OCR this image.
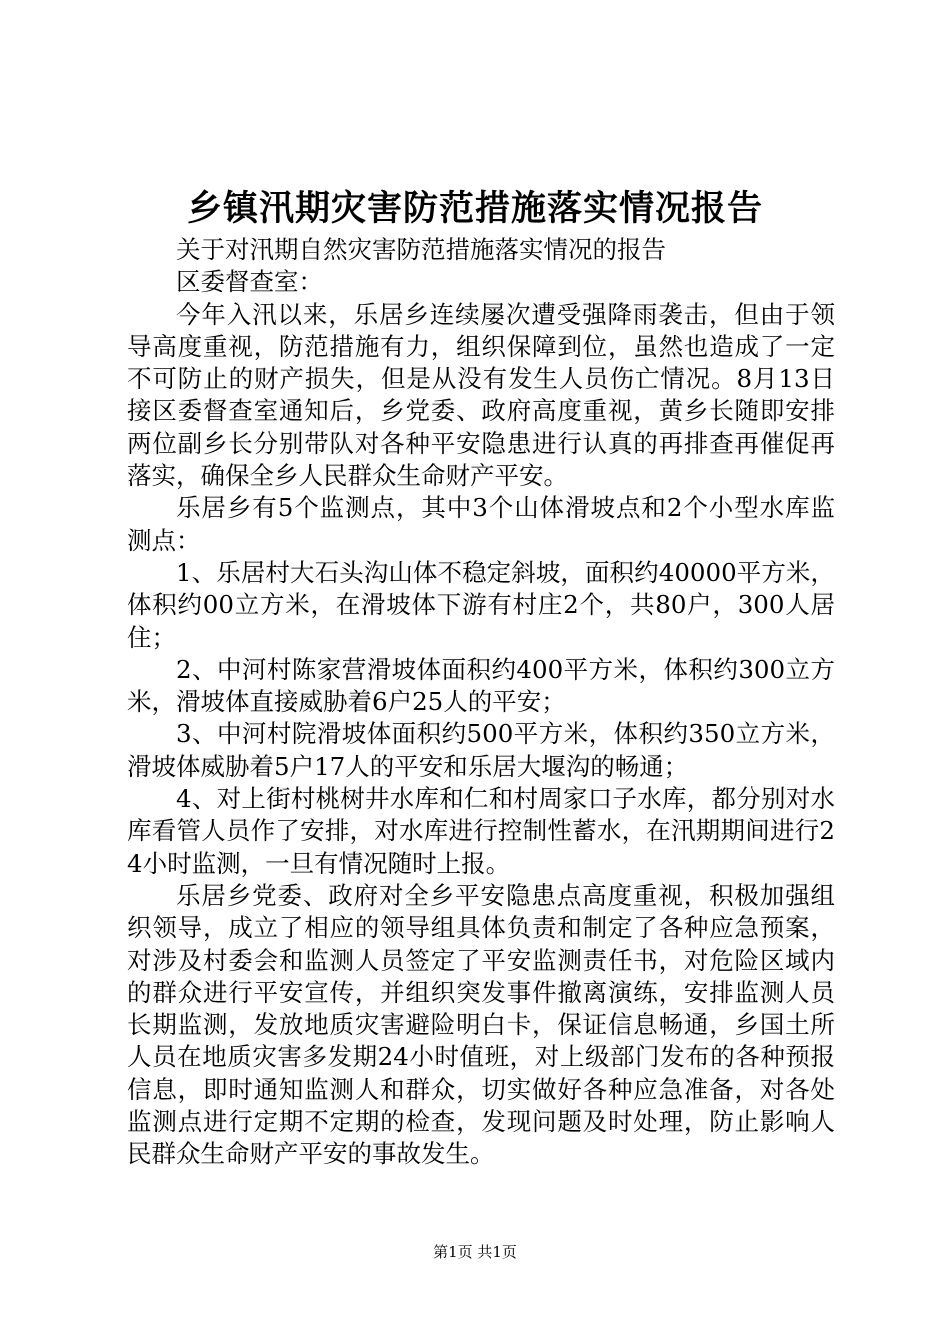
乡镇汛期灾害防范措施落实情况报告

关于对汛期自然灾害防范措施落实情况的报告

区委督查室：

今年入汛以来，乐居乡连续屡次遭受强降雨袭击，但由于领导高度重视，防范措施有力，组织保障到位，虽然也造成了一定不可防止的财产损失，但是从没有发生人员伤亡情况。8月13日接区委督查室通知后，乡党委、政府高度重视，黄乡长随即安排两位副乡长分别带队对各种平安隐患进行认真的再排查再催促再落实，确保全乡人民群众生命财产平安。

乐居乡有5个监测点，其中3个山体滑坡点和2个小型水库监测点：

1、乐居村大石头沟山体不稳定斜坡，面积约40000平方米，体积约00立方米，在滑坡体下游有村庄2个，共80户，300人居住；

2、中河村陈家营滑坡体面积约400平方米，体积约300立方米，滑坡体直接威胁着6户25人的平安；

3、中河村院滑坡体面积约500平方米，体积约350立方米，滑坡体威胁着5户17人的平安和乐居大堰沟的畅通；

4、对上街村桃树井水库和仁和村周家口子水库，都分别对水库看管人员作了安排，对水库进行控制性蓄水，在汛期期间进行24小时监测，一旦有情况随时上报。

乐居乡党委、政府对全乡平安隐患点高度重视，积极加强组织领导，成立了相应的领导组具体负责和制定了各种应急预案，对涉及村委会和监测人员签定了平安监测责任书，对危险区域内的群众进行平安宣传，并组织突发事件撤离演练，安排监测人员长期监测，发放地质灾害避险明白卡，保证信息畅通，乡国土所人员在地质灾害多发期24小时值班，对上级部门发布的各种预报信息，即时通知监测人和群众，切实做好各种应急准备，对各处监测点进行定期不定期的检查，发现问题及时处理，防止影响人民群众生命财产平安的事故发生。

第1页 共1页
